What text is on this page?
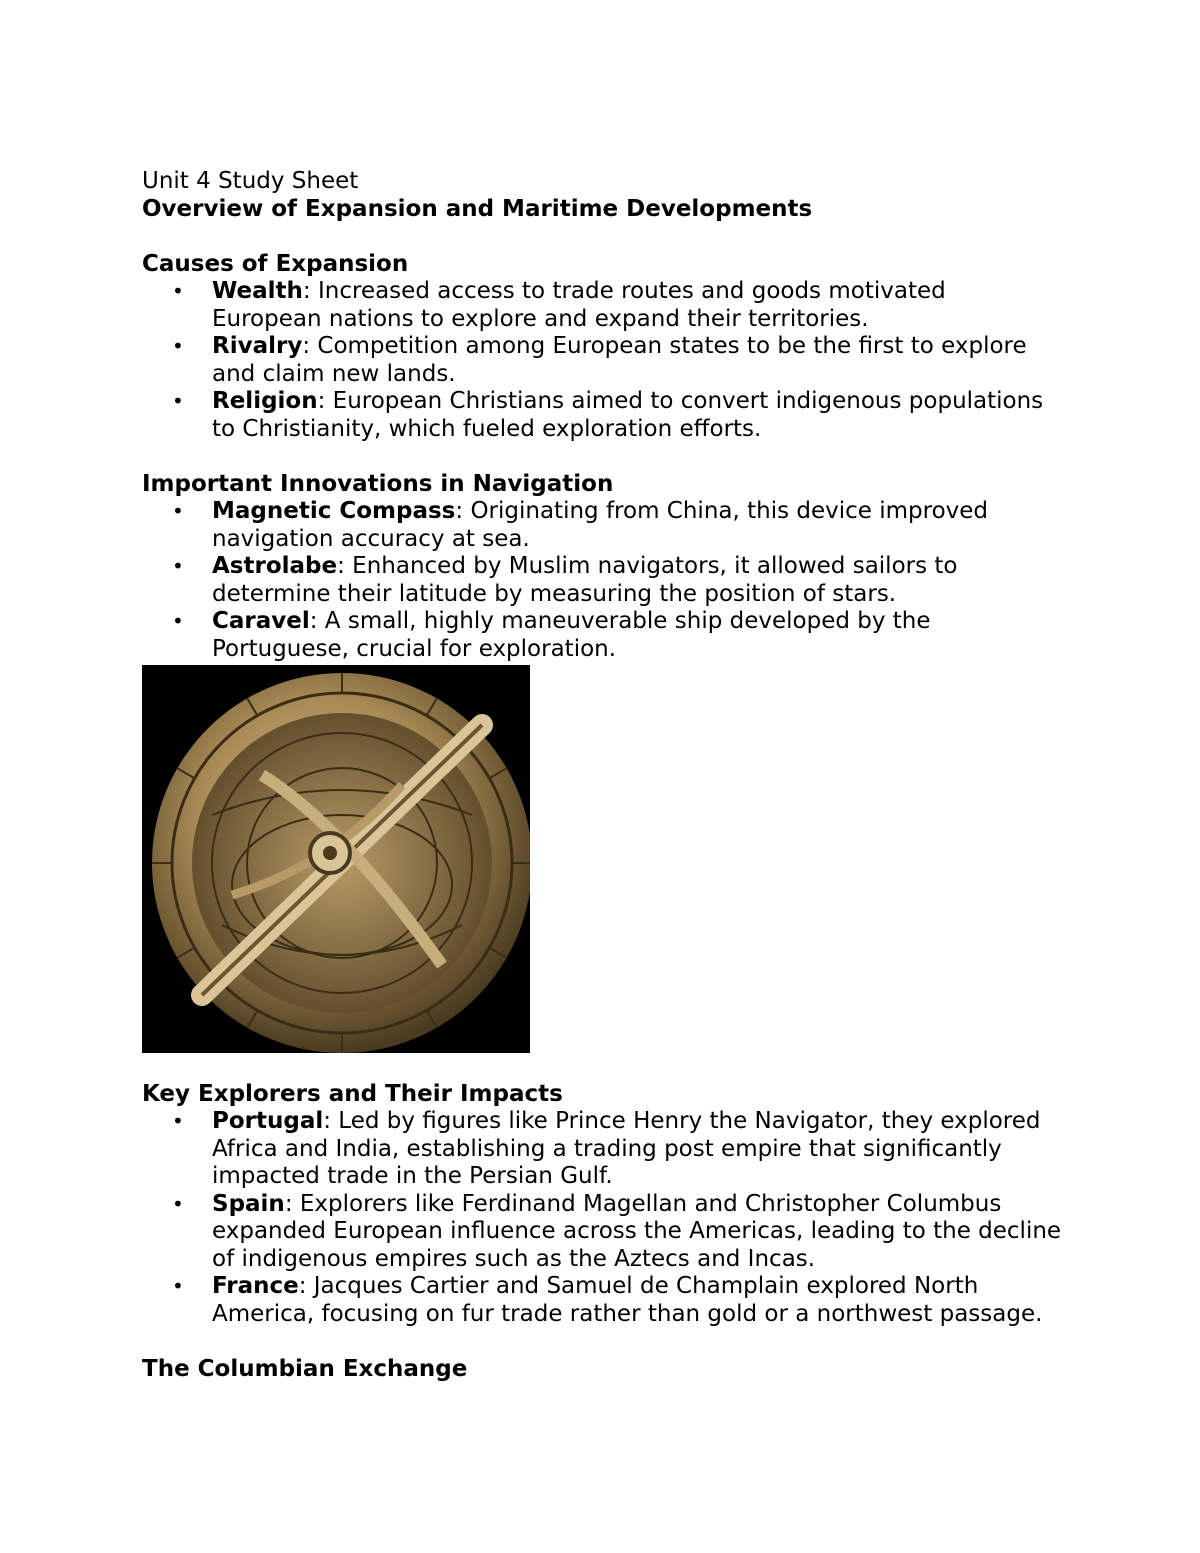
Unit 4 Study Sheet

Overview of Expansion and Maritime Developments

Causes of Expansion

• Wealth: Increased access to trade routes and goods motivated European nations to explore and expand their territories.
• Rivalry: Competition among European states to be the first to explore and claim new lands.
• Religion: European Christians aimed to convert indigenous populations to Christianity, which fueled exploration efforts.

Important Innovations in Navigation

• Magnetic Compass: Originating from China, this device improved navigation accuracy at sea.
• Astrolabe: Enhanced by Muslim navigators, it allowed sailors to determine their latitude by measuring the position of stars.
• Caravel: A small, highly maneuverable ship developed by the Portuguese, crucial for exploration.

Key Explorers and Their Impacts

• Portugal: Led by figures like Prince Henry the Navigator, they explored Africa and India, establishing a trading post empire that significantly impacted trade in the Persian Gulf.
• Spain: Explorers like Ferdinand Magellan and Christopher Columbus expanded European influence across the Americas, leading to the decline of indigenous empires such as the Aztecs and Incas.
• France: Jacques Cartier and Samuel de Champlain explored North America, focusing on fur trade rather than gold or a northwest passage.

The Columbian Exchange
